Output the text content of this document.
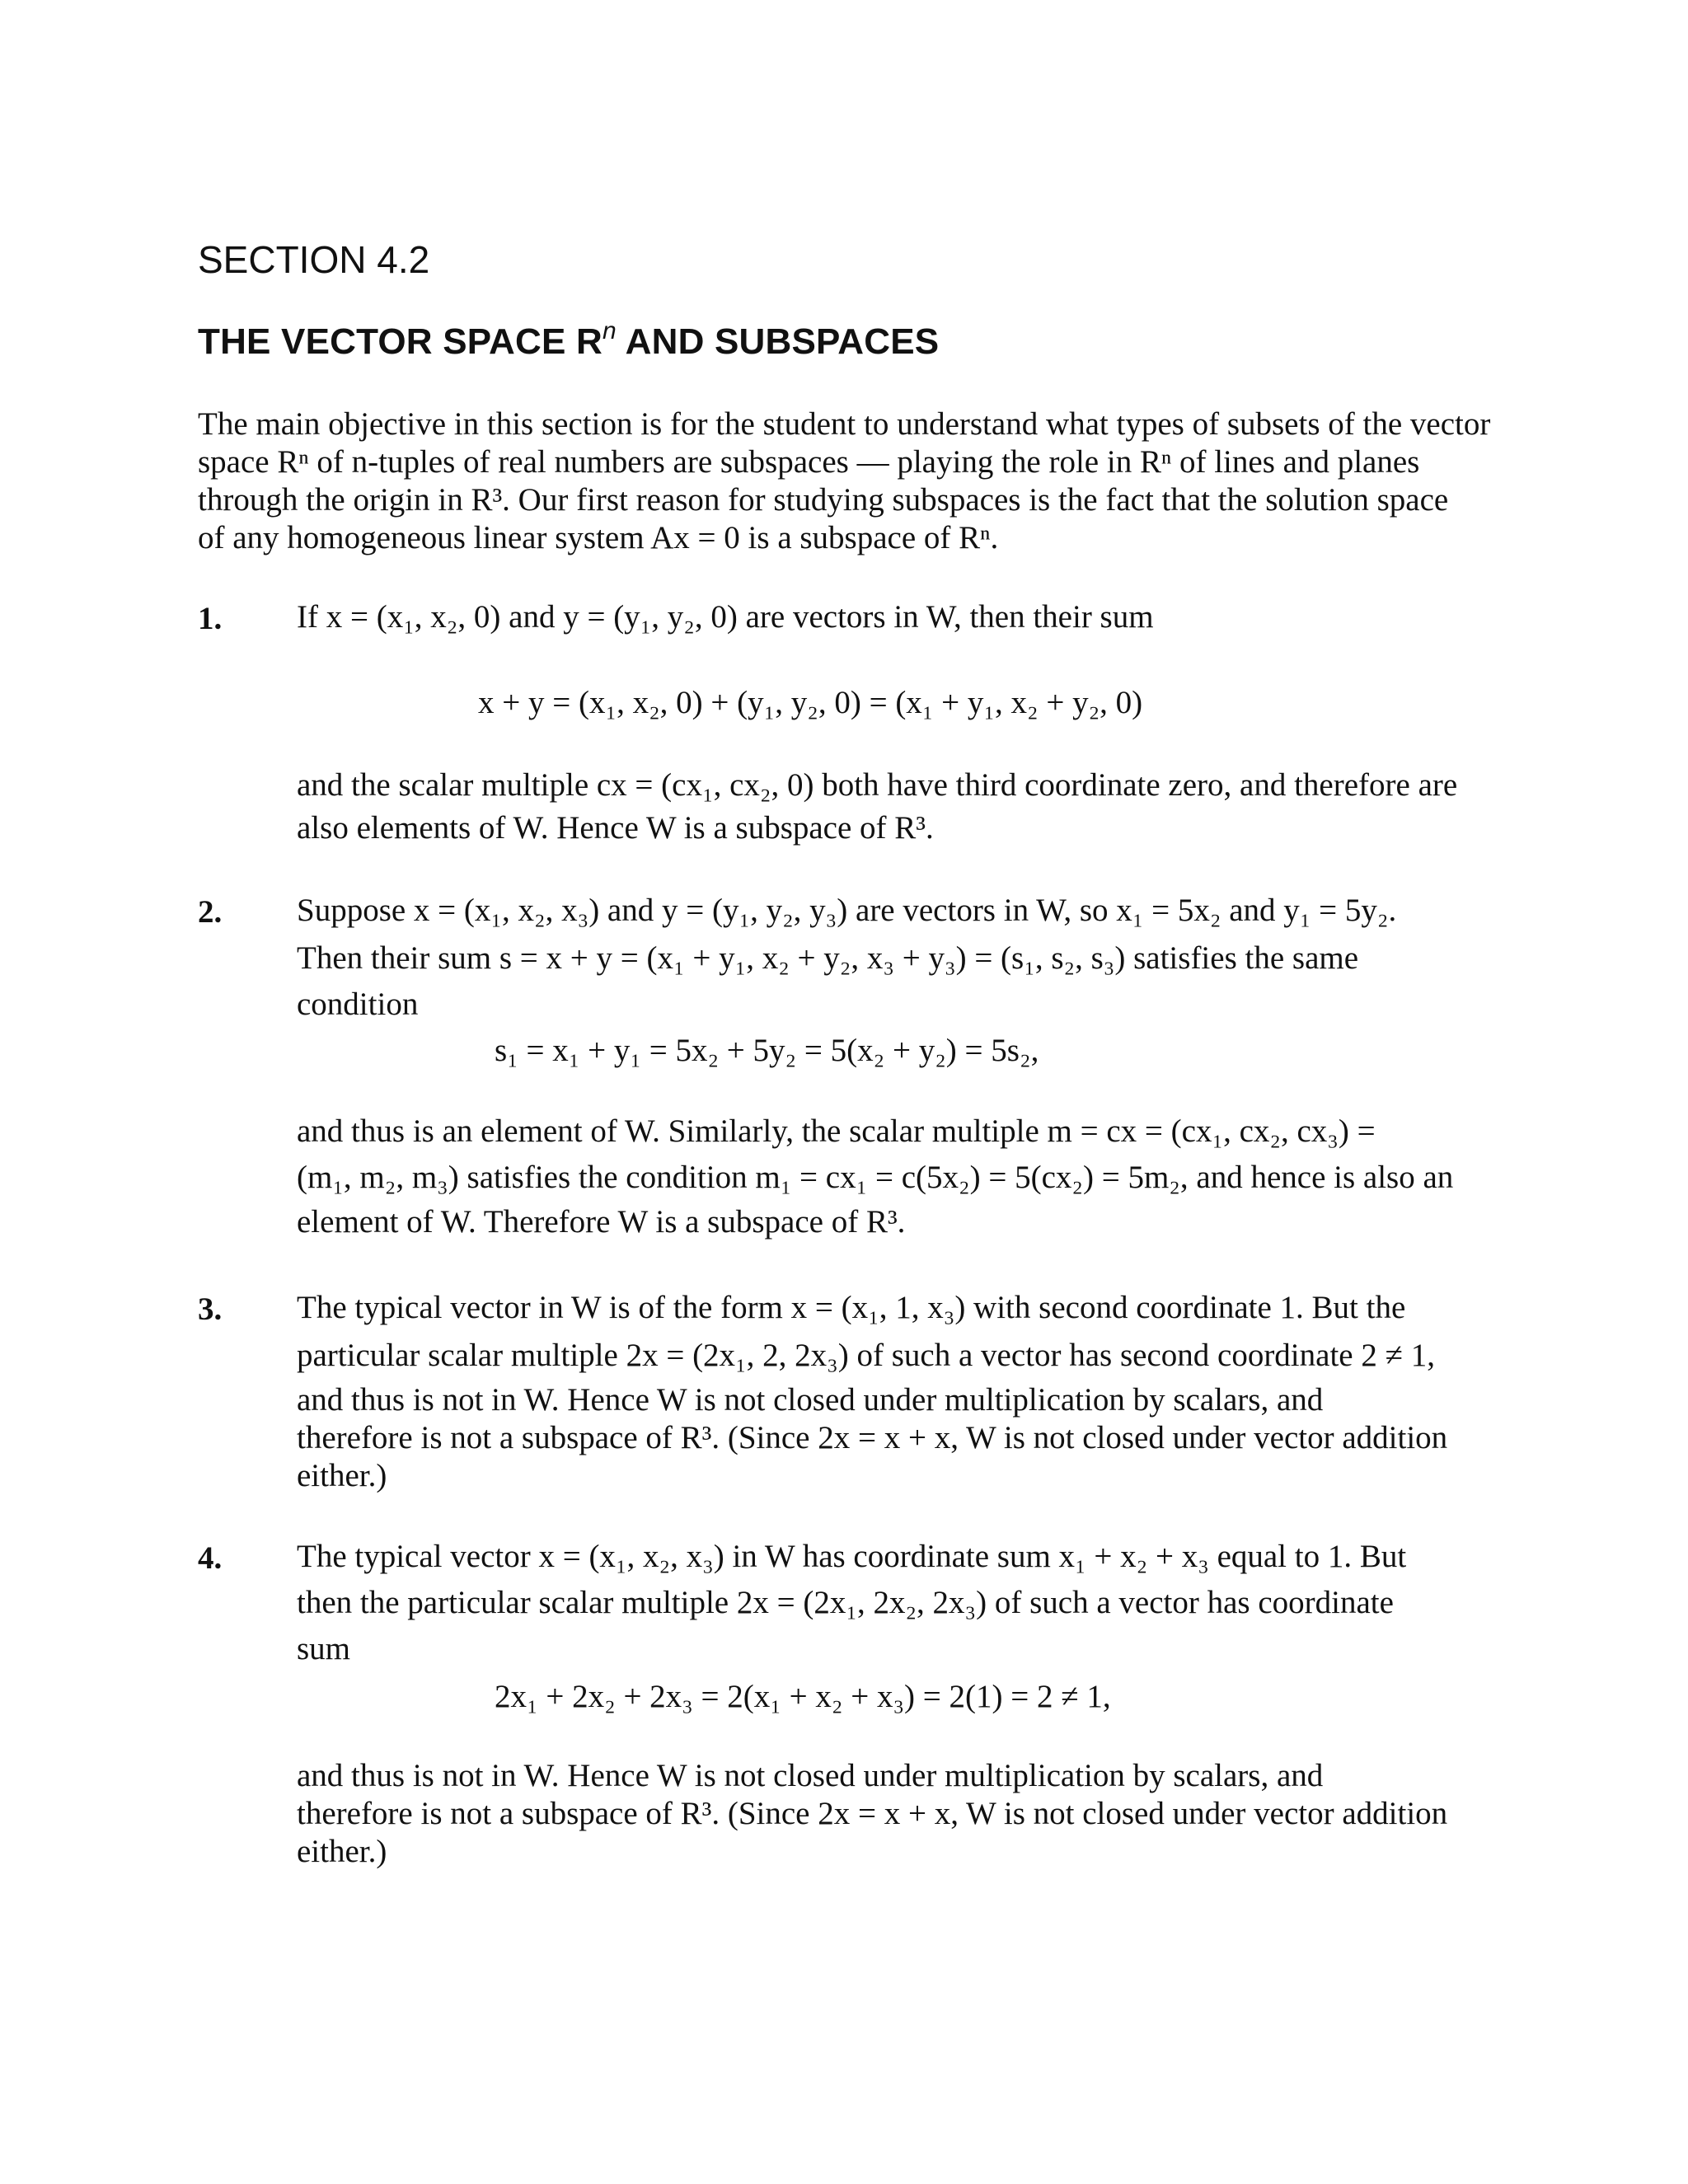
SECTION 4.2
THE VECTOR SPACE $R^n$ AND SUBSPACES
The main objective in this section is for the student to understand what types of subsets of the vector
space Rⁿ of n-tuples of real numbers are subspaces — playing the role in Rⁿ of lines and planes
through the origin in R³. Our first reason for studying subspaces is the fact that the solution space
of any homogeneous linear system Ax = 0 is a subspace of Rⁿ.
1. If x = (x₁, x₂, 0) and y = (y₁, y₂, 0) are vectors in W, then their sum
x + y = (x₁, x₂, 0) + (y₁, y₂, 0) = (x₁ + y₁, x₂ + y₂, 0)
and the scalar multiple cx = (cx₁, cx₂, 0) both have third coordinate zero, and therefore are
also elements of W. Hence W is a subspace of R³.
2. Suppose x = (x₁, x₂, x₃) and y = (y₁, y₂, y₃) are vectors in W, so x₁ = 5x₂ and y₁ = 5y₂.
Then their sum s = x + y = (x₁ + y₁, x₂ + y₂, x₃ + y₃) = (s₁, s₂, s₃) satisfies the same
condition
s₁ = x₁ + y₁ = 5x₂ + 5y₂ = 5(x₂ + y₂) = 5s₂,
and thus is an element of W. Similarly, the scalar multiple m = cx = (cx₁, cx₂, cx₃) =
(m₁, m₂, m₃) satisfies the condition m₁ = cx₁ = c(5x₂) = 5(cx₂) = 5m₂, and hence is also an
element of W. Therefore W is a subspace of R³.
3. The typical vector in W is of the form x = (x₁, 1, x₃) with second coordinate 1. But the
particular scalar multiple 2x = (2x₁, 2, 2x₃) of such a vector has second coordinate 2 ≠ 1,
and thus is not in W. Hence W is not closed under multiplication by scalars, and
therefore is not a subspace of R³. (Since 2x = x + x, W is not closed under vector addition
either.)
4. The typical vector x = (x₁, x₂, x₃) in W has coordinate sum x₁ + x₂ + x₃ equal to 1. But
then the particular scalar multiple 2x = (2x₁, 2x₂, 2x₃) of such a vector has coordinate
sum
2x₁ + 2x₂ + 2x₃ = 2(x₁ + x₂ + x₃) = 2(1) = 2 ≠ 1,
and thus is not in W. Hence W is not closed under multiplication by scalars, and
therefore is not a subspace of R³. (Since 2x = x + x, W is not closed under vector addition
either.)
